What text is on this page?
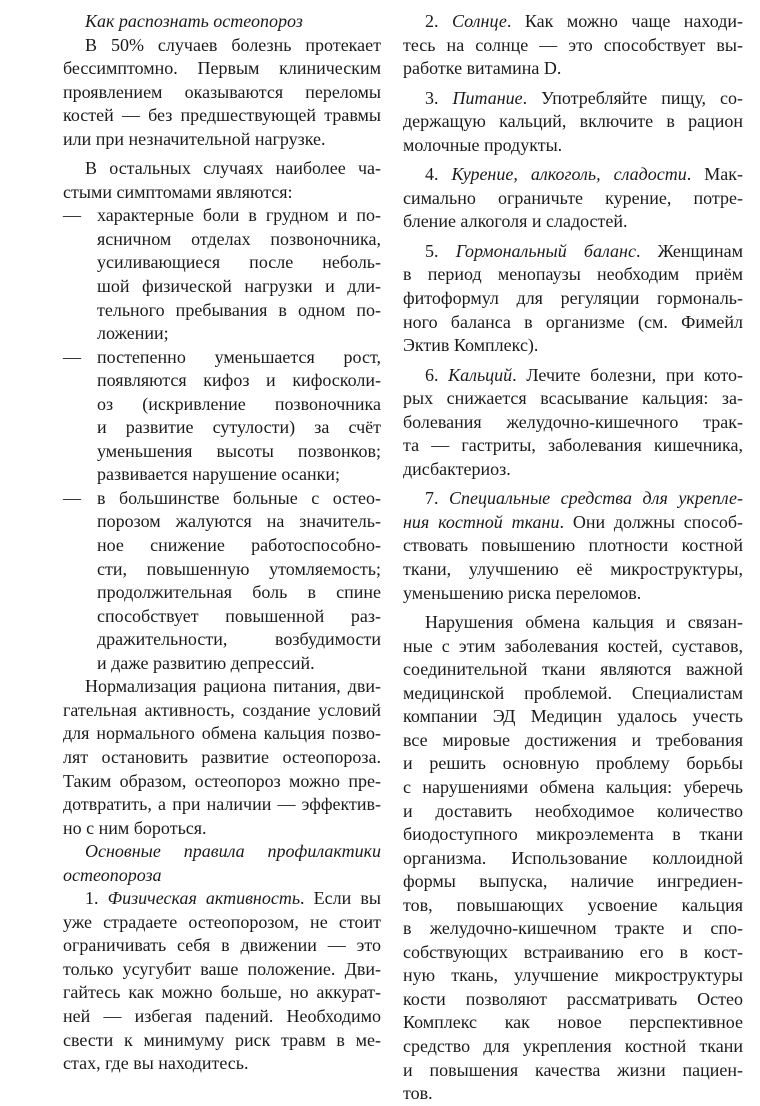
Как распознать остеопороз
В 50% случаев болезнь протекает
бессимптомно. Первым клиническим
проявлением оказываются переломы
костей — без предшествующей травмы
или при незначительной нагрузке.
В остальных случаях наиболее ча-
стыми симптомами являются:
— характерные боли в грудном и по-
ясничном отделах позвоночника,
усиливающиеся после неболь-
шой физической нагрузки и дли-
тельного пребывания в одном по-
ложении;
— постепенно уменьшается рост,
появляются кифоз и кифосколи-
оз (искривление позвоночника
и развитие сутулости) за счёт
уменьшения высоты позвонков;
развивается нарушение осанки;
— в большинстве больные с остео-
порозом жалуются на значитель-
ное снижение работоспособно-
сти, повышенную утомляемость;
продолжительная боль в спине
способствует повышенной раз-
дражительности, возбудимости
и даже развитию депрессий.
Нормализация рациона питания, дви-
гательная активность, создание условий
для нормального обмена кальция позво-
лят остановить развитие остеопороза.
Таким образом, остеопороз можно пре-
дотвратить, а при наличии — эффектив-
но с ним бороться.
Основные правила профилактики
остеопороза
1. Физическая активность. Если вы
уже страдаете остеопорозом, не стоит
ограничивать себя в движении — это
только усугубит ваше положение. Дви-
гайтесь как можно больше, но аккурат-
ней — избегая падений. Необходимо
свести к минимуму риск травм в ме-
стах, где вы находитесь.
2. Солнце. Как можно чаще находи-
тесь на солнце — это способствует вы-
работке витамина D.
3. Питание. Употребляйте пищу, со-
держащую кальций, включите в рацион
молочные продукты.
4. Курение, алкоголь, сладости. Мак-
симально ограничьте курение, потре-
бление алкоголя и сладостей.
5. Гормональный баланс. Женщинам
в период менопаузы необходим приём
фитоформул для регуляции гормональ-
ного баланса в организме (см. Фимейл
Эктив Комплекс).
6. Кальций. Лечите болезни, при кото-
рых снижается всасывание кальция: за-
болевания желудочно-кишечного трак-
та — гастриты, заболевания кишечника,
дисбактериоз.
7. Специальные средства для укрепле-
ния костной ткани. Они должны способ-
ствовать повышению плотности костной
ткани, улучшению её микроструктуры,
уменьшению риска переломов.
Нарушения обмена кальция и связан-
ные с этим заболевания костей, суставов,
соединительной ткани являются важной
медицинской проблемой. Специалистам
компании ЭД Медицин удалось учесть
все мировые достижения и требования
и решить основную проблему борьбы
с нарушениями обмена кальция: уберечь
и доставить необходимое количество
биодоступного микроэлемента в ткани
организма. Использование коллоидной
формы выпуска, наличие ингредиен-
тов, повышающих усвоение кальция
в желудочно-кишечном тракте и спо-
собствующих встраиванию его в кост-
ную ткань, улучшение микроструктуры
кости позволяют рассматривать Остео
Комплекс как новое перспективное
средство для укрепления костной ткани
и повышения качества жизни пациен-
тов.
